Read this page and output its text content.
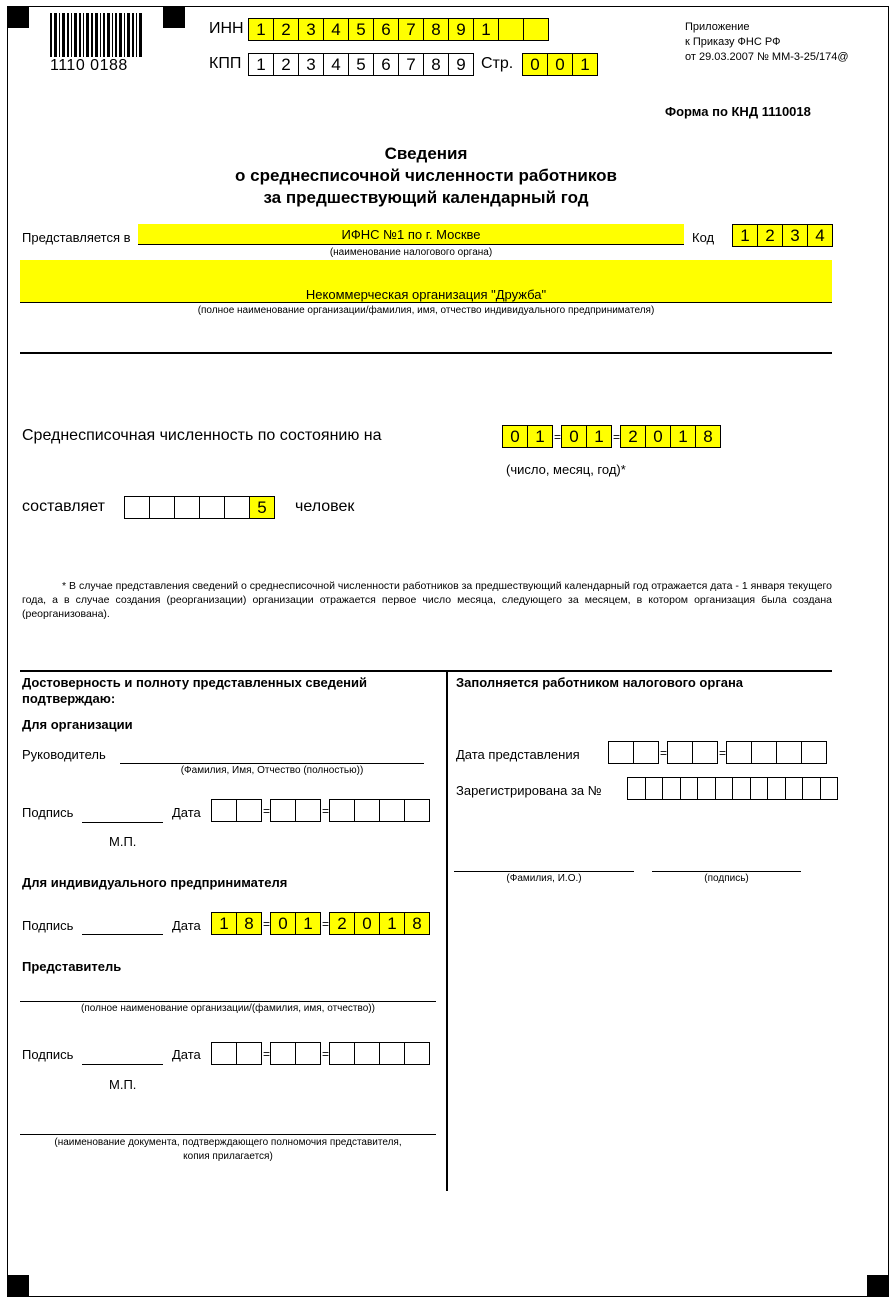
1110 0188
ИНН 1 2 3 4 5 6 7 8 9 1
КПП 1 2 3 4 5 6 7 8 9 Стр.	0 0 1
Приложение
к Приказу ФНС РФ
от 29.03.2007 № ММ-3-25/174@
Форма по КНД 1110018
Сведения
о среднесписочной численности работников
за предшествующий календарный год
Представляется в	ИФНС №1 по г. Москве
(наименование налогового органа)
Код	1 2 3 4
Некоммерческая организация "Дружба"
(полное наименование организации/фамилия, имя, отчество индивидуального предпринимателя)
Среднесписочная численность по состоянию на	0 1 = 0 1 = 2 0 1 8
(число, месяц, год)*
составляет	5	человек
* В случае представления сведений о среднесписочной численности работников за предшествующий календарный год отражается дата - 1 января текущего года, а в случае создания (реорганизации) организации отражается первое число месяца, следующего за месяцем, в котором организация была создана (реорганизована).
Достоверность и полноту представленных сведений подтверждаю:
Для организации
Руководитель
(Фамилия, Имя, Отчество (полностью))
Подпись	Дата	=	=
М.П.
Для индивидуального предпринимателя
Подпись	Дата	1 8 = 0 1 = 2 0 1 8
Представитель
(полное наименование организации/(фамилия, имя, отчество))
Подпись	Дата	=	=
М.П.
(наименование документа, подтверждающего полномочия представителя,
копия прилагается)
Заполняется работником налогового органа
Дата представления	=	=
Зарегистрирована за №
(Фамилия, И.О.)	(подпись)
